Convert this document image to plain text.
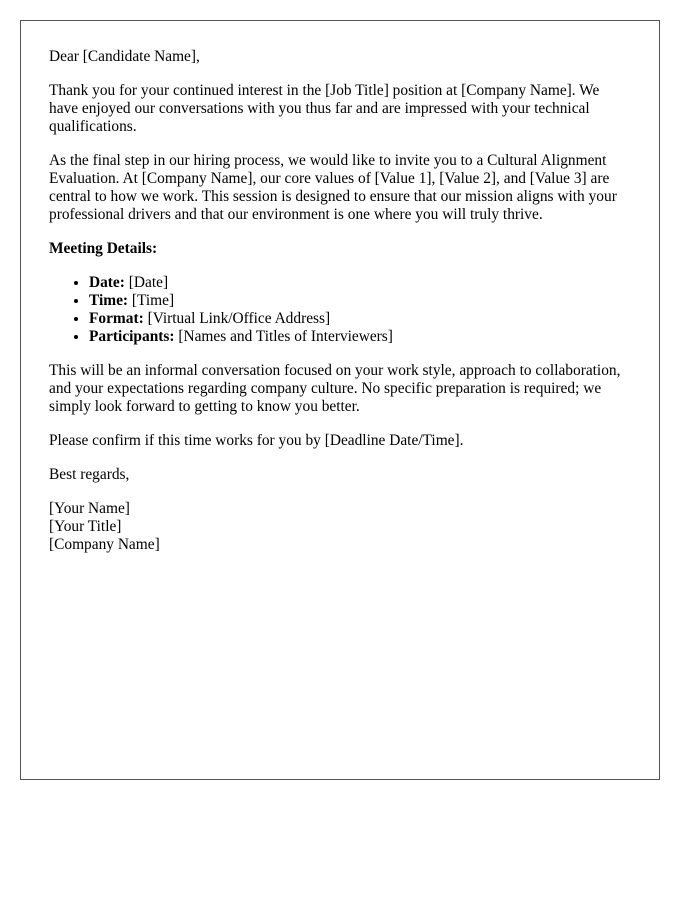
Dear [Candidate Name],

Thank you for your continued interest in the [Job Title] position at [Company Name]. We have enjoyed our conversations with you thus far and are impressed with your technical qualifications.

As the final step in our hiring process, we would like to invite you to a Cultural Alignment Evaluation. At [Company Name], our core values of [Value 1], [Value 2], and [Value 3] are central to how we work. This session is designed to ensure that our mission aligns with your professional drivers and that our environment is one where you will truly thrive.

Meeting Details:

• Date: [Date]
• Time: [Time]
• Format: [Virtual Link/Office Address]
• Participants: [Names and Titles of Interviewers]

This will be an informal conversation focused on your work style, approach to collaboration, and your expectations regarding company culture. No specific preparation is required; we simply look forward to getting to know you better.

Please confirm if this time works for you by [Deadline Date/Time].

Best regards,

[Your Name]
[Your Title]
[Company Name]
